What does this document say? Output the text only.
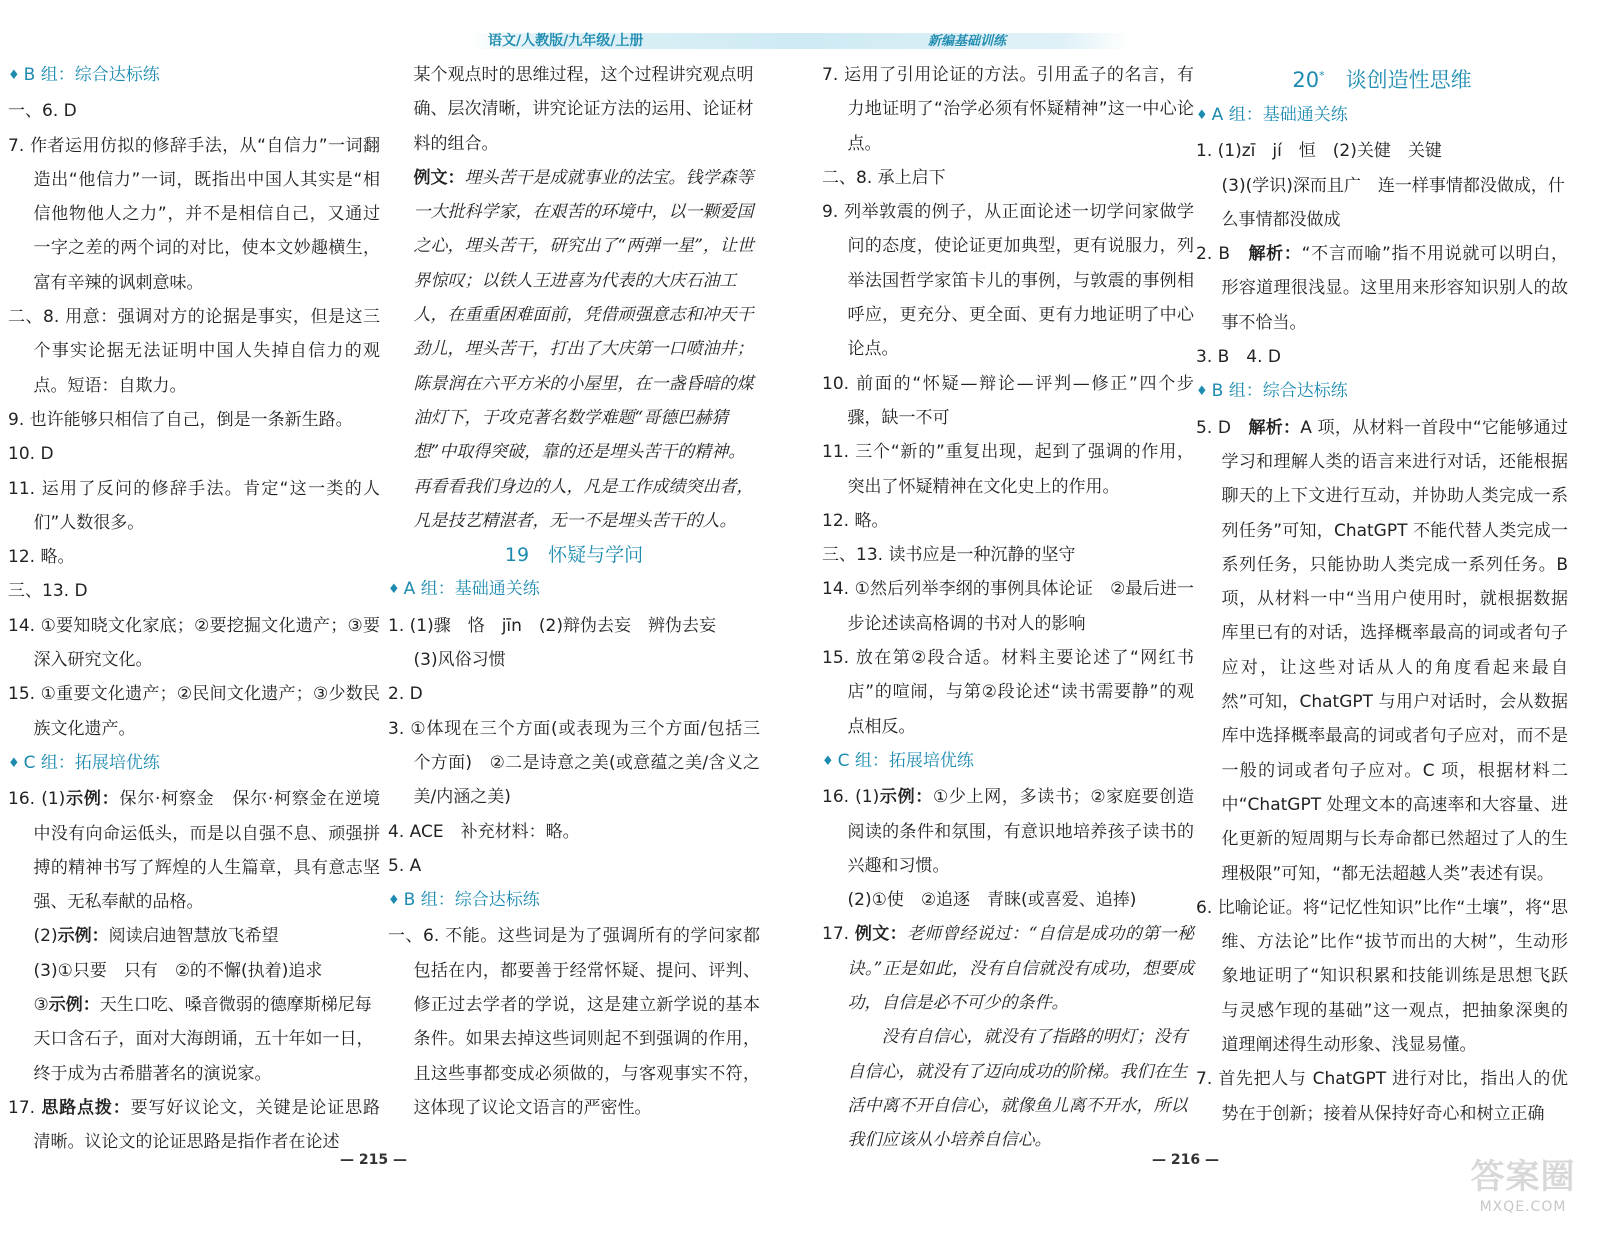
语文/人教版/九年级/上册	新编基础训练

♦ B 组：综合达标练

一、6. D

7. 作者运用仿拟的修辞手法，从“自信力”一词翻造出“他信力”一词，既指出中国人其实是“相信他物他人之力”，并不是相信自己，又通过一字之差的两个词的对比，使本文妙趣横生，富有辛辣的讽刺意味。

二、8. 用意：强调对方的论据是事实，但是这三个事实论据无法证明中国人失掉自信力的观点。短语：自欺力。

9. 也许能够只相信了自己，倒是一条新生路。

10. D

11. 运用了反问的修辞手法。肯定“这一类的人们”人数很多。

12. 略。

三、13. D

14. ①要知晓文化家底；②要挖掘文化遗产；③要深入研究文化。

15. ①重要文化遗产；②民间文化遗产；③少数民族文化遗产。

♦ C 组：拓展培优练

16. (1)示例：保尔·柯察金　保尔·柯察金在逆境中没有向命运低头，而是以自强不息、顽强拼搏的精神书写了辉煌的人生篇章，具有意志坚强、无私奉献的品格。

(2)示例：阅读启迪智慧放飞希望

(3)①只要　只有　②的不懈(执着)追求

③示例：天生口吃、嗓音微弱的德摩斯梯尼每天口含石子，面对大海朗诵，五十年如一日，终于成为古希腊著名的演说家。

17. 思路点拨：要写好议论文，关键是论证思路清晰。议论文的论证思路是指作者在论述

某个观点时的思维过程，这个过程讲究观点明确、层次清晰，讲究论证方法的运用、论证材料的组合。

例文：埋头苦干是成就事业的法宝。钱学森等一大批科学家，在艰苦的环境中，以一颗爱国之心，埋头苦干，研究出了“两弹一星”，让世界惊叹；以铁人王进喜为代表的大庆石油工人，在重重困难面前，凭借顽强意志和冲天干劲儿，埋头苦干，打出了大庆第一口喷油井；陈景润在六平方米的小屋里，在一盏昏暗的煤油灯下，于攻克著名数学难题“哥德巴赫猜想”中取得突破，靠的还是埋头苦干的精神。再看看我们身边的人，凡是工作成绩突出者，凡是技艺精湛者，无一不是埋头苦干的人。

19　怀疑与学问

♦ A 组：基础通关练

1. (1)骤　恪　jīn　(2)辩伪去妄　辨伪去妄

(3)风俗习惯

2. D

3. ①体现在三个方面(或表现为三个方面/包括三个方面)　②二是诗意之美(或意蕴之美/含义之美/内涵之美)

4. ACE　补充材料：略。

5. A

♦ B 组：综合达标练

一、6. 不能。这些词是为了强调所有的学问家都包括在内，都要善于经常怀疑、提问、评判、修正过去学者的学说，这是建立新学说的基本条件。如果去掉这些词则起不到强调的作用，且这些事都变成必须做的，与客观事实不符，这体现了议论文语言的严密性。

7. 运用了引用论证的方法。引用孟子的名言，有力地证明了“治学必须有怀疑精神”这一中心论点。

二、8. 承上启下

9. 列举敦震的例子，从正面论述一切学问家做学问的态度，使论证更加典型，更有说服力，列举法国哲学家笛卡儿的事例，与敦震的事例相呼应，更充分、更全面、更有力地证明了中心论点。

10. 前面的“怀疑—辩论—评判—修正”四个步骤，缺一不可

11. 三个“新的”重复出现，起到了强调的作用，突出了怀疑精神在文化史上的作用。

12. 略。

三、13. 读书应是一种沉静的坚守

14. ①然后列举李纲的事例具体论证　②最后进一步论述读高格调的书对人的影响

15. 放在第②段合适。材料主要论述了“网红书店”的喧闹，与第②段论述“读书需要静”的观点相反。

♦ C 组：拓展培优练

16. (1)示例：①少上网，多读书；②家庭要创造阅读的条件和氛围，有意识地培养孩子读书的兴趣和习惯。

(2)①使　②追逐　青睐(或喜爱、追捧)

17. 例文：老师曾经说过：“自信是成功的第一秘诀。”正是如此，没有自信就没有成功，想要成功，自信是必不可少的条件。

没有自信心，就没有了指路的明灯；没有自信心，就没有了迈向成功的阶梯。我们在生活中离不开自信心，就像鱼儿离不开水，所以我们应该从小培养自信心。

20*　 谈创造性思维

♦ A 组：基础通关练

1. (1)zī　jí　恒　(2)关健　关键

(3)(学识)深而且广　连一样事情都没做成，什么事情都没做成

2. B　解析：“不言而喻”指不用说就可以明白，形容道理很浅显。这里用来形容知识别人的故事不恰当。

3. B　4. D

♦ B 组：综合达标练

5. D　解析：A 项，从材料一首段中“它能够通过学习和理解人类的语言来进行对话，还能根据聊天的上下文进行互动，并协助人类完成一系列任务”可知，ChatGPT 不能代替人类完成一系列任务，只能协助人类完成一系列任务。B 项，从材料一中“当用户使用时，就根据数据库里已有的对话，选择概率最高的词或者句子应对，让这些对话从人的角度看起来最自然”可知，ChatGPT 与用户对话时，会从数据库中选择概率最高的词或者句子应对，而不是一般的词或者句子应对。C 项，根据材料二中“ChatGPT 处理文本的高速率和大容量、进化更新的短周期与长寿命都已然超过了人的生理极限”可知，“都无法超越人类”表述有误。

6. 比喻论证。将“记忆性知识”比作“土壤”，将“思维、方法论”比作“拔节而出的大树”，生动形象地证明了“知识积累和技能训练是思想飞跃与灵感乍现的基础”这一观点，把抽象深奥的道理阐述得生动形象、浅显易懂。

7. 首先把人与 ChatGPT 进行对比，指出人的优势在于创新；接着从保持好奇心和树立正确

— 215 —	— 216 —	答案圈
MXQE.COM
